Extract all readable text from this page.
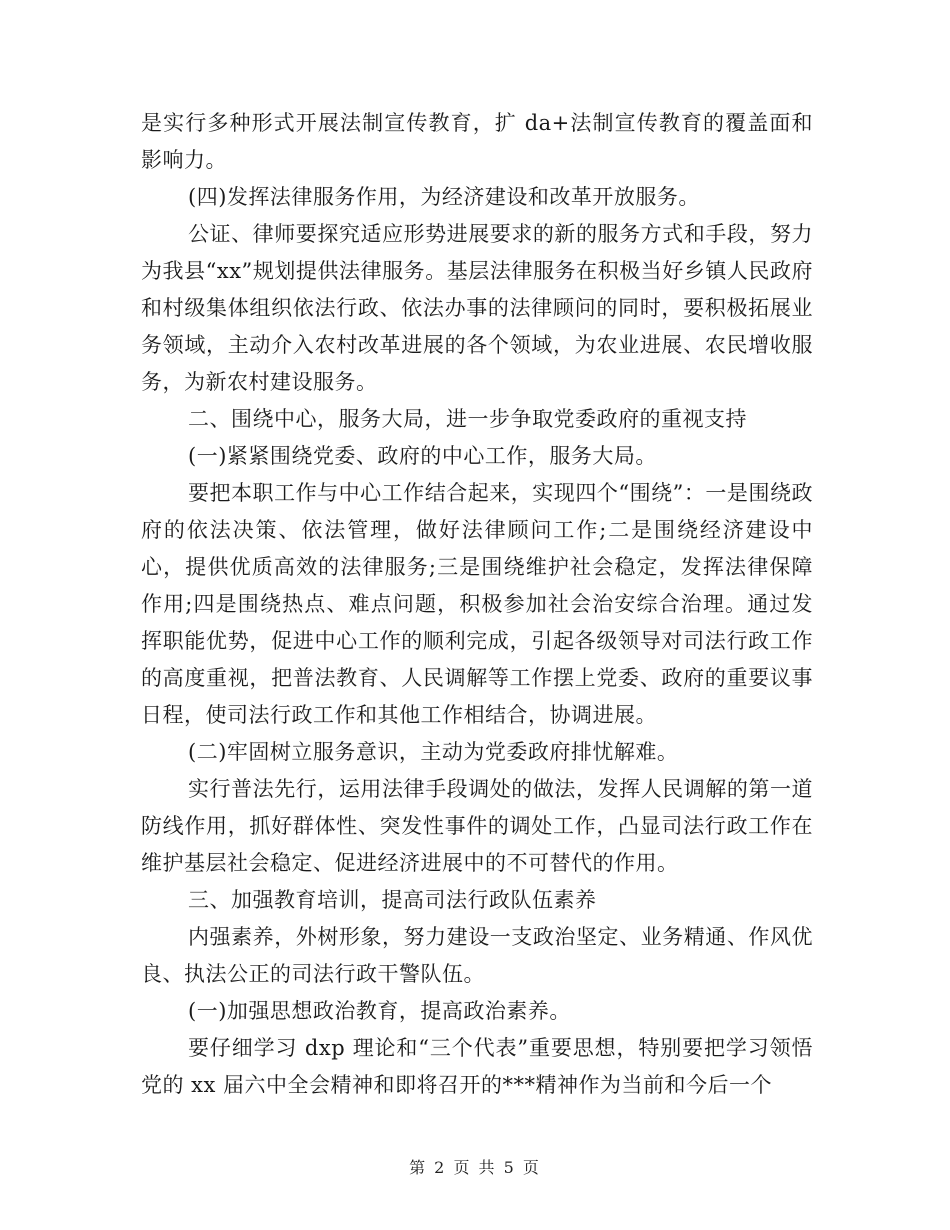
是实行多种形式开展法制宣传教育，扩 da+法制宣传教育的覆盖面和影响力。

(四)发挥法律服务作用，为经济建设和改革开放服务。

公证、律师要探究适应形势进展要求的新的服务方式和手段，努力为我县“xx”规划提供法律服务。基层法律服务在积极当好乡镇人民政府和村级集体组织依法行政、依法办事的法律顾问的同时，要积极拓展业务领域，主动介入农村改革进展的各个领域，为农业进展、农民增收服务，为新农村建设服务。

二、围绕中心，服务大局，进一步争取党委政府的重视支持

(一)紧紧围绕党委、政府的中心工作，服务大局。

要把本职工作与中心工作结合起来，实现四个“围绕”：一是围绕政府的依法决策、依法管理，做好法律顾问工作;二是围绕经济建设中心，提供优质高效的法律服务;三是围绕维护社会稳定，发挥法律保障作用;四是围绕热点、难点问题，积极参加社会治安综合治理。通过发挥职能优势，促进中心工作的顺利完成，引起各级领导对司法行政工作的高度重视，把普法教育、人民调解等工作摆上党委、政府的重要议事日程，使司法行政工作和其他工作相结合，协调进展。

(二)牢固树立服务意识，主动为党委政府排忧解难。

实行普法先行，运用法律手段调处的做法，发挥人民调解的第一道防线作用，抓好群体性、突发性事件的调处工作，凸显司法行政工作在维护基层社会稳定、促进经济进展中的不可替代的作用。

三、加强教育培训，提高司法行政队伍素养

内强素养，外树形象，努力建设一支政治坚定、业务精通、作风优良、执法公正的司法行政干警队伍。

(一)加强思想政治教育，提高政治素养。

要仔细学习 dxp 理论和“三个代表”重要思想，特别要把学习领悟党的 xx 届六中全会精神和即将召开的***精神作为当前和今后一个

第 2 页 共 5 页
